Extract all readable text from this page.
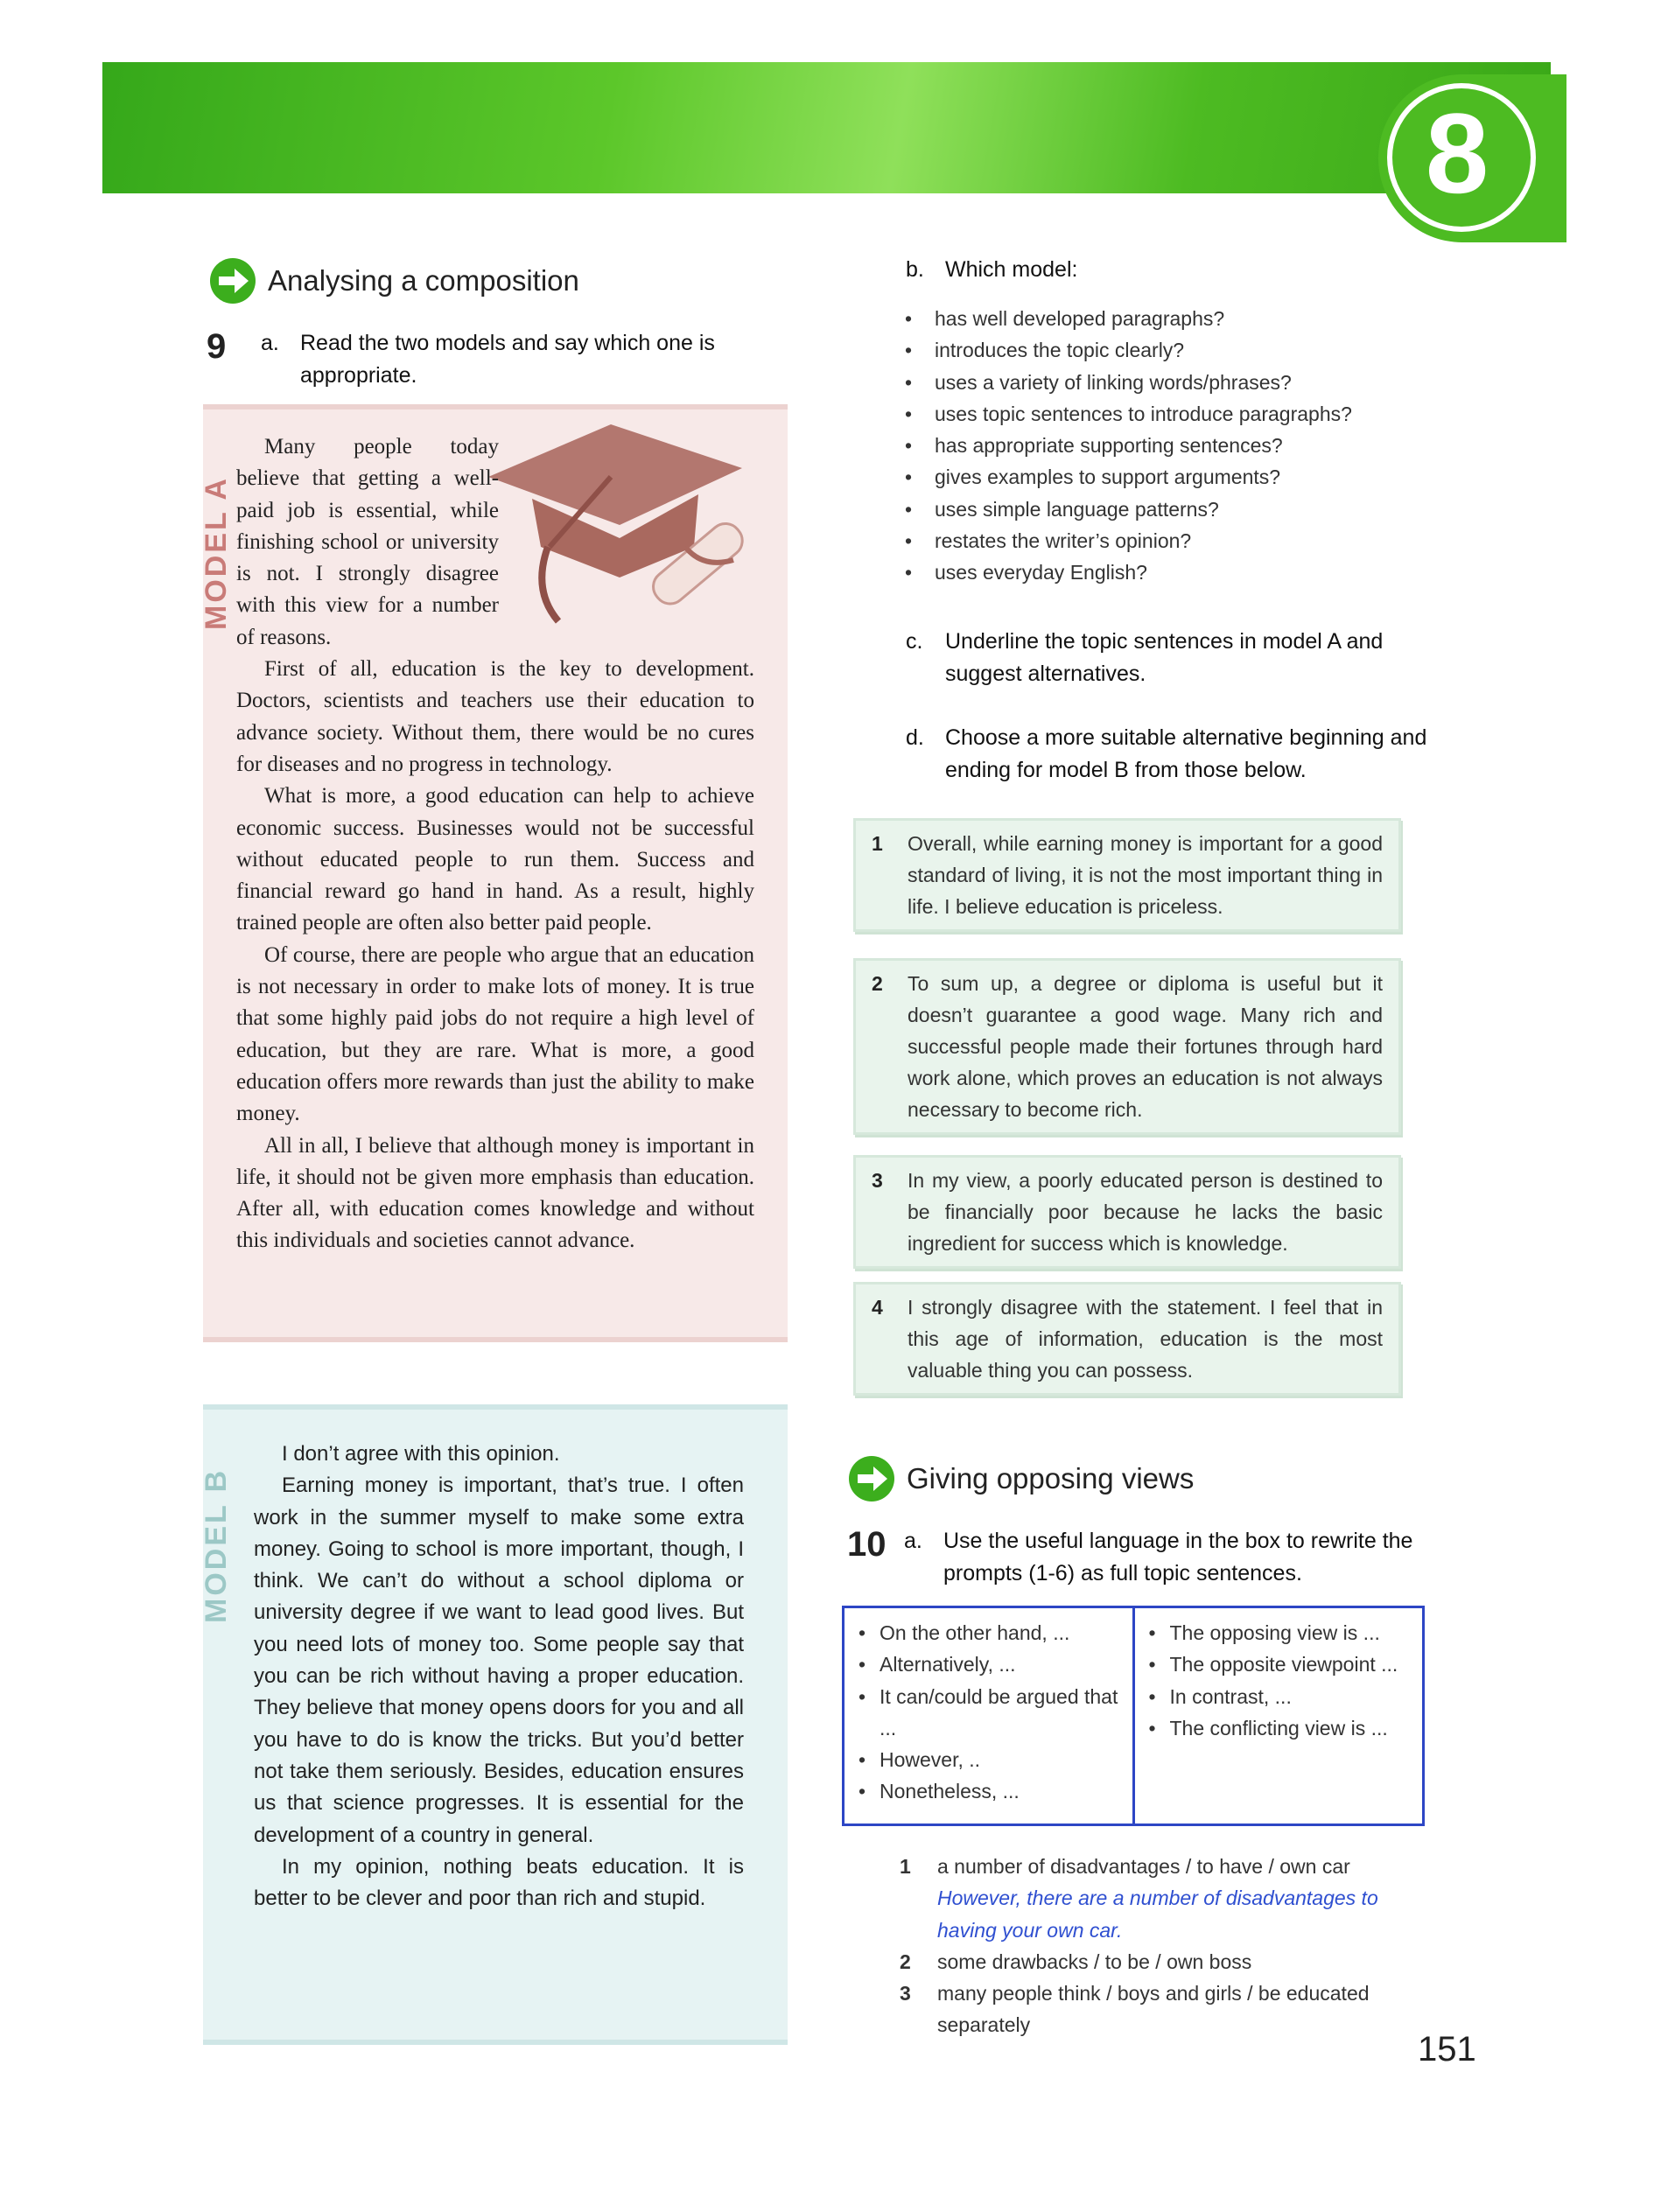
8
Analysing a composition
9 a. Read the two models and say which one is appropriate.
MODEL A

Many people today believe that getting a well-paid job is essential, while finishing school or university is not. I strongly disagree with this view for a number of reasons.

First of all, education is the key to development. Doctors, scientists and teachers use their education to advance society. Without them, there would be no cures for diseases and no progress in technology.

What is more, a good education can help to achieve economic success. Businesses would not be successful without educated people to run them. Success and financial reward go hand in hand. As a result, highly trained people are often also better paid people.

Of course, there are people who argue that an education is not necessary in order to make lots of money. It is true that some highly paid jobs do not require a high level of education, but they are rare. What is more, a good education offers more rewards than just the ability to make money.

All in all, I believe that although money is important in life, it should not be given more emphasis than education. After all, with education comes knowledge and without this individuals and societies cannot advance.

MODEL B

I don’t agree with this opinion.

Earning money is important, that’s true. I often work in the summer myself to make some extra money. Going to school is more important, though, I think. We can’t do without a school diploma or university degree if we want to lead good lives. But you need lots of money too. Some people say that you can be rich without having a proper education. They believe that money opens doors for you and all you have to do is know the tricks. But you’d better not take them seriously. Besides, education ensures us that science progresses. It is essential for the development of a country in general.

In my opinion, nothing beats education. It is better to be clever and poor than rich and stupid.

b. Which model:
• has well developed paragraphs?
• introduces the topic clearly?
• uses a variety of linking words/phrases?
• uses topic sentences to introduce paragraphs?
• has appropriate supporting sentences?
• gives examples to support arguments?
• uses simple language patterns?
• restates the writer’s opinion?
• uses everyday English?
c.	Underline the topic sentences in model A and suggest alternatives.
d. Choose a more suitable alternative beginning and ending for model B from those below.
1	Overall, while earning money is important for a good standard of living, it is not the most important thing in life. I believe education is priceless.
2	To sum up, a degree or diploma is useful but it doesn’t guarantee a good wage. Many rich and successful people made their fortunes through hard work alone, which proves an education is not always necessary to become rich.
3	In my view, a poorly educated person is destined to be financially poor because he lacks the basic ingredient for success which is knowledge.
4	I strongly disagree with the statement. I feel that in this age of information, education is the most valuable thing you can possess.
Giving opposing views
10 a. Use the useful language in the box to rewrite the prompts (1-6) as full topic sentences.
• On the other hand, ...
• Alternatively, ...
• It can/could be argued that ...
• However, ..
• Nonetheless, ...
• The opposing view is ...
• The opposite viewpoint ...
• In contrast, ...
• The conflicting view is ...
1 a number of disadvantages / to have / own car
However, there are a number of disadvantages to having your own car.
2 some drawbacks / to be / own boss
3 many people think / boys and girls / be educated separately
151
